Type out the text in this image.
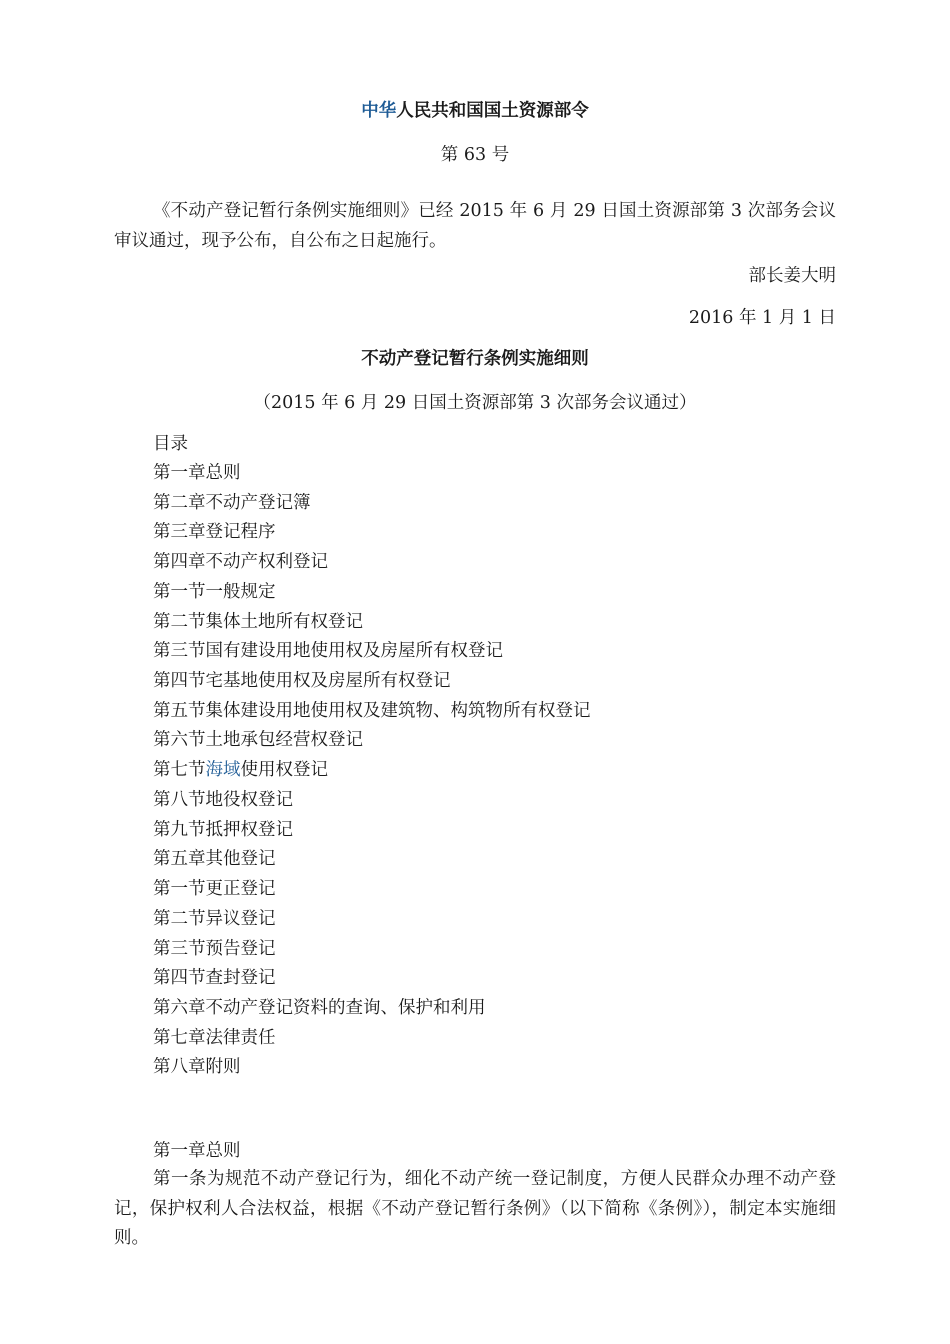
中华人民共和国国土资源部令
第 63 号
《不动产登记暂行条例实施细则》已经 2015 年 6 月 29 日国土资源部第 3 次部务会议审议通过，现予公布，自公布之日起施行。
部长姜大明
2016 年 1 月 1 日
不动产登记暂行条例实施细则
（2015 年 6 月 29 日国土资源部第 3 次部务会议通过）
目录
第一章总则
第二章不动产登记簿
第三章登记程序
第四章不动产权利登记
第一节一般规定
第二节集体土地所有权登记
第三节国有建设用地使用权及房屋所有权登记
第四节宅基地使用权及房屋所有权登记
第五节集体建设用地使用权及建筑物、构筑物所有权登记
第六节土地承包经营权登记
第七节海域使用权登记
第八节地役权登记
第九节抵押权登记
第五章其他登记
第一节更正登记
第二节异议登记
第三节预告登记
第四节查封登记
第六章不动产登记资料的查询、保护和利用
第七章法律责任
第八章附则
第一章总则
第一条为规范不动产登记行为，细化不动产统一登记制度，方便人民群众办理不动产登记，保护权利人合法权益，根据《不动产登记暂行条例》（以下简称《条例》），制定本实施细则。
